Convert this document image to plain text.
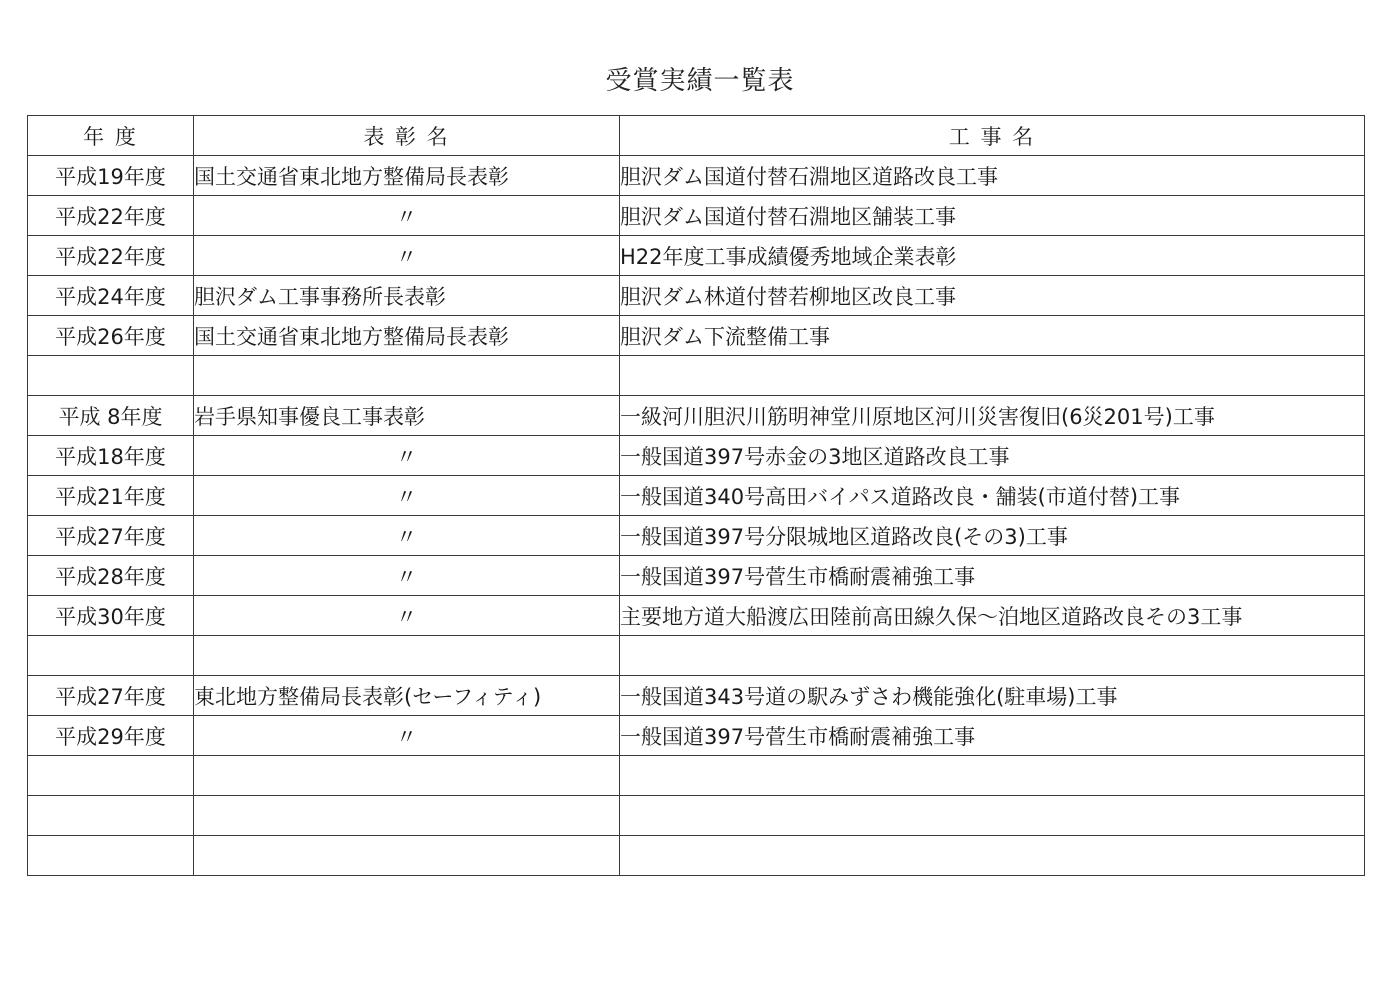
受賞実績一覧表
年 度	表 彰 名	工 事 名
平成19年度	国土交通省東北地方整備局長表彰	胆沢ダム国道付替石淵地区道路改良工事
平成22年度	〃	胆沢ダム国道付替石淵地区舗装工事
平成22年度	〃	H22年度工事成績優秀地域企業表彰
平成24年度	胆沢ダム工事事務所長表彰	胆沢ダム林道付替若柳地区改良工事
平成26年度	国土交通省東北地方整備局長表彰	胆沢ダム下流整備工事

平成 8年度	岩手県知事優良工事表彰	一級河川胆沢川筋明神堂川原地区河川災害復旧(6災201号)工事
平成18年度	〃	一般国道397号赤金の3地区道路改良工事
平成21年度	〃	一般国道340号高田バイパス道路改良・舗装(市道付替)工事
平成27年度	〃	一般国道397号分限城地区道路改良(その3)工事
平成28年度	〃	一般国道397号菅生市橋耐震補強工事
平成30年度	〃	主要地方道大船渡広田陸前高田線久保～泊地区道路改良その3工事

平成27年度	東北地方整備局長表彰(セーフィティ)	一般国道343号道の駅みずさわ機能強化(駐車場)工事
平成29年度	〃	一般国道397号菅生市橋耐震補強工事
